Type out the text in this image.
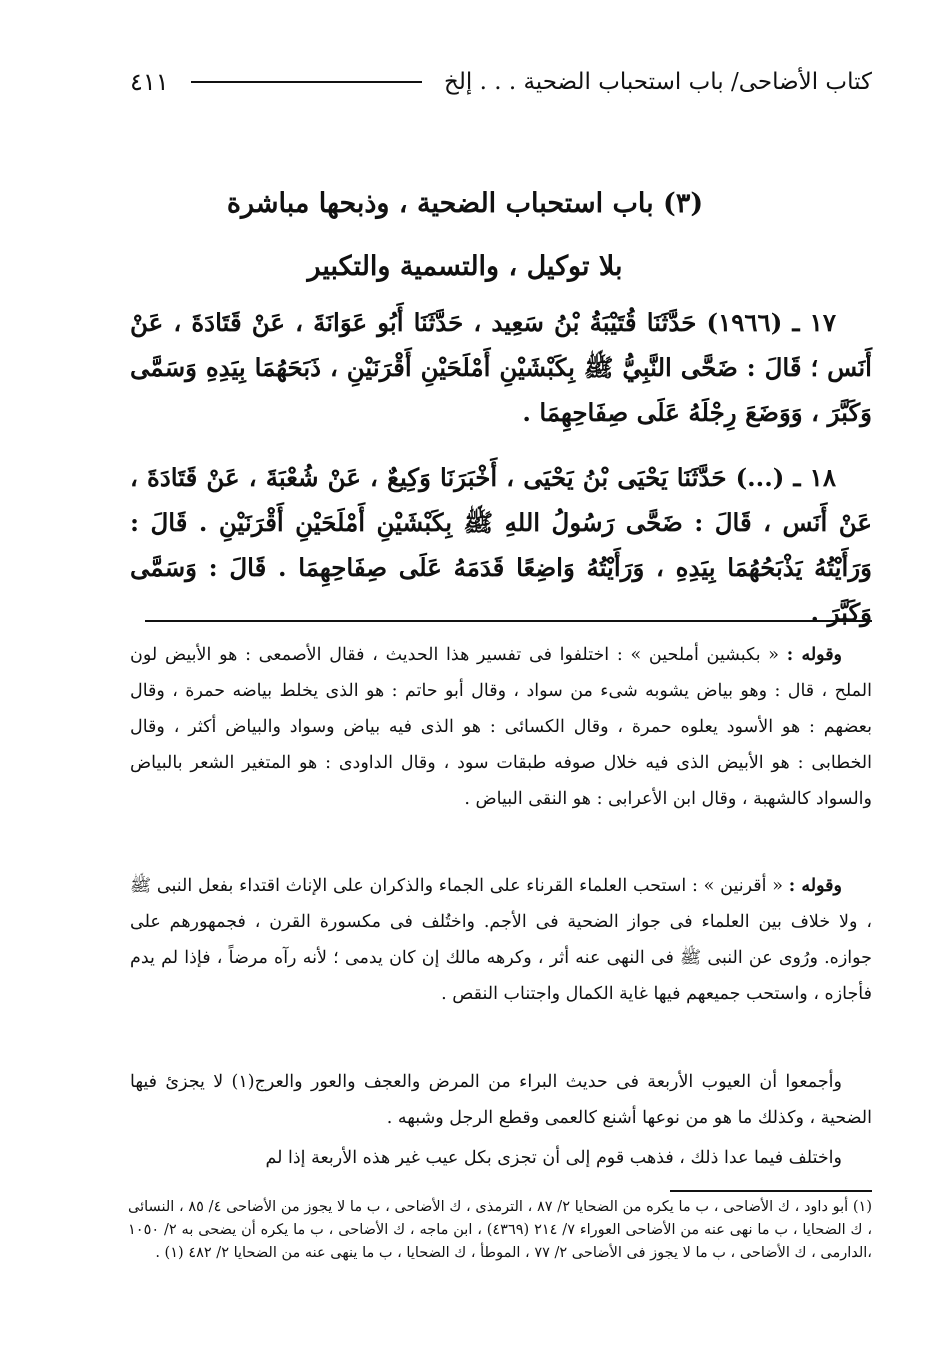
كتاب الأضاحى/ باب استحباب الضحية . . . إلخ
٤١١
(٣) باب استحباب الضحية ، وذبحها مباشرة
بلا توكيل ، والتسمية والتكبير

١٧ ـ (١٩٦٦) حَدَّثَنَا قُتَيْبَةُ بْنُ سَعِيد ، حَدَّثَنَا أَبُو عَوَانَةَ ، عَنْ قَتَادَةَ ، عَنْ أَنَس ؛ قَالَ : ضَحَّى النَّبِيُّ ﷺ بِكَبْشَيْنِ أَمْلَحَيْنِ أَقْرَنَيْنِ ، ذَبَحَهُمَا بِيَدِهِ وَسَمَّى وَكَبَّرَ ، وَوَضَعَ رِجْلَهُ عَلَى صِفَاحِهِمَا .

١٨ ـ (...) حَدَّثَنَا يَحْيَى بْنُ يَحْيَى ، أَخْبَرَنَا وَكِيعٌ ، عَنْ شُعْبَةَ ، عَنْ قَتَادَةَ ، عَنْ أَنَس ، قَالَ : ضَحَّى رَسُولُ اللهِ ﷺ بِكَبْشَيْنِ أَمْلَحَيْنِ أَقْرَنَيْنِ . قَالَ : وَرَأَيْتُهُ يَذْبَحُهُمَا بِيَدِهِ ، وَرَأَيْتُهُ وَاضِعًا قَدَمَهُ عَلَى صِفَاحِهِمَا . قَالَ : وَسَمَّى وَكَبَّرَ .

وقوله : « بكبشين أملحين » : اختلفوا فى تفسير هذا الحديث ، فقال الأصمعى : هو الأبيض لون الملح ، قال : وهو بياض يشوبه شىء من سواد ، وقال أبو حاتم : هو الذى يخلط بياضه حمرة ، وقال بعضهم : هو الأسود يعلوه حمرة ، وقال الكسائى : هو الذى فيه بياض وسواد والبياض أكثر ، وقال الخطابى : هو الأبيض الذى فيه خلال صوفه طبقات سود ، وقال الداودى : هو المتغير الشعر بالبياض والسواد كالشهبة ، وقال ابن الأعرابى : هو النقى البياض .

وقوله : « أقرنين » : استحب العلماء القرناء على الجماء والذكران على الإناث اقتداء بفعل النبى ﷺ ، ولا خلاف بين العلماء فى جواز الضحية فى الأجم. واختُلف فى مكسورة القرن ، فجمهورهم على جوازه. ورُوى عن النبى ﷺ فى النهى عنه أثر ، وكرهه مالك إن كان يدمى ؛ لأنه رآه مرضاً ، فإذا لم يدم فأجازه ، واستحب جميعهم فيها غاية الكمال واجتناب النقص .

وأجمعوا أن العيوب الأربعة فى حديث البراء من المرض والعجف والعور والعرج(١) لا يجزئ فيها الضحية ، وكذلك ما هو من نوعها أشنع كالعمى وقطع الرجل وشبهه .

واختلف فيما عدا ذلك ، فذهب قوم إلى أن تجزى بكل عيب غير هذه الأربعة إذا لم

(١) أبو داود ، ك الأضاحى ، ب ما يكره من الضحايا ٢/ ٨٧ ، الترمذى ، ك الأضاحى ، ب ما لا يجوز من الأضاحى ٤/ ٨٥ ، النسائى ، ك الضحايا ، ب ما نهى عنه من الأضاحى العوراء ٧/ ٢١٤ (٤٣٦٩) ، ابن ماجه ، ك الأضاحى ، ب ما يكره أن يضحى به ٢/ ١٠٥٠ ،الدارمى ، ك الأضاحى ، ب ما لا يجوز فى الأضاحى ٢/ ٧٧ ، الموطأ ، ك الضحايا ، ب ما ينهى عنه من الضحايا ٢/ ٤٨٢ (١) .
